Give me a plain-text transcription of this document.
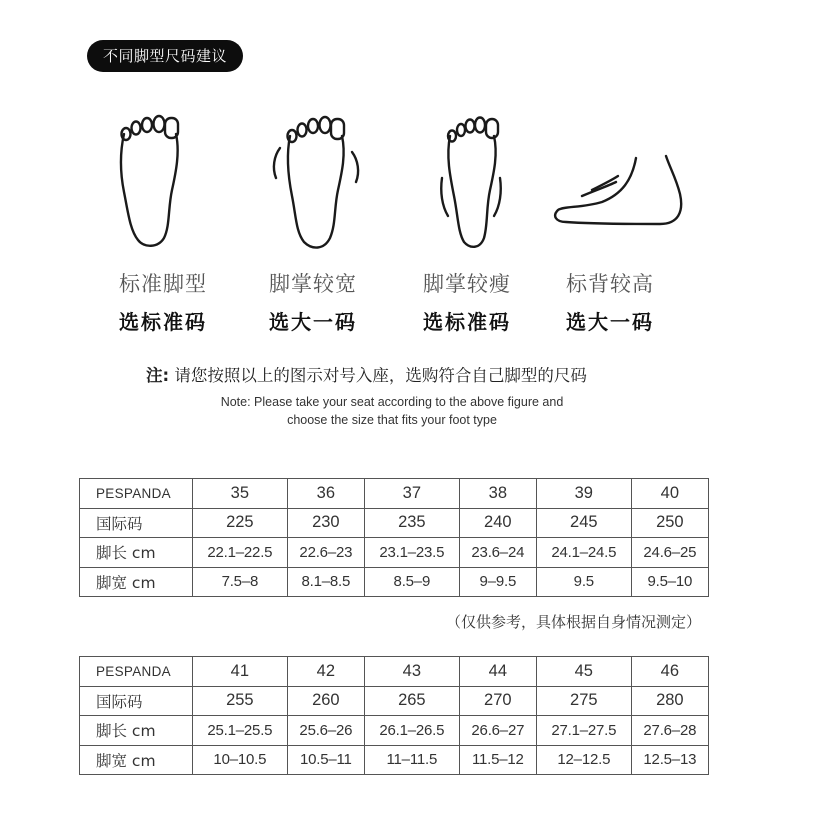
不同脚型尺码建议
标准脚型
选标准码
脚掌较宽
选大一码
脚掌较瘦
选标准码
标背较高
选大一码
注: 请您按照以上的图示对号入座，选购符合自己脚型的尺码
Note: Please take your seat according to the above figure and
choose the size that fits your foot type
PESPANDA	35	36	37	38	39	40
国际码	225	230	235	240	245	250
脚长 cm	22.1–22.5	22.6–23	23.1–23.5	23.6–24	24.1–24.5	24.6–25
脚宽 cm	7.5–8	8.1–8.5	8.5–9	9–9.5	9.5	9.5–10
（仅供参考，具体根据自身情况测定）
PESPANDA	41	42	43	44	45	46
国际码	255	260	265	270	275	280
脚长 cm	25.1–25.5	25.6–26	26.1–26.5	26.6–27	27.1–27.5	27.6–28
脚宽 cm	10–10.5	10.5–11	11–11.5	11.5–12	12–12.5	12.5–13
